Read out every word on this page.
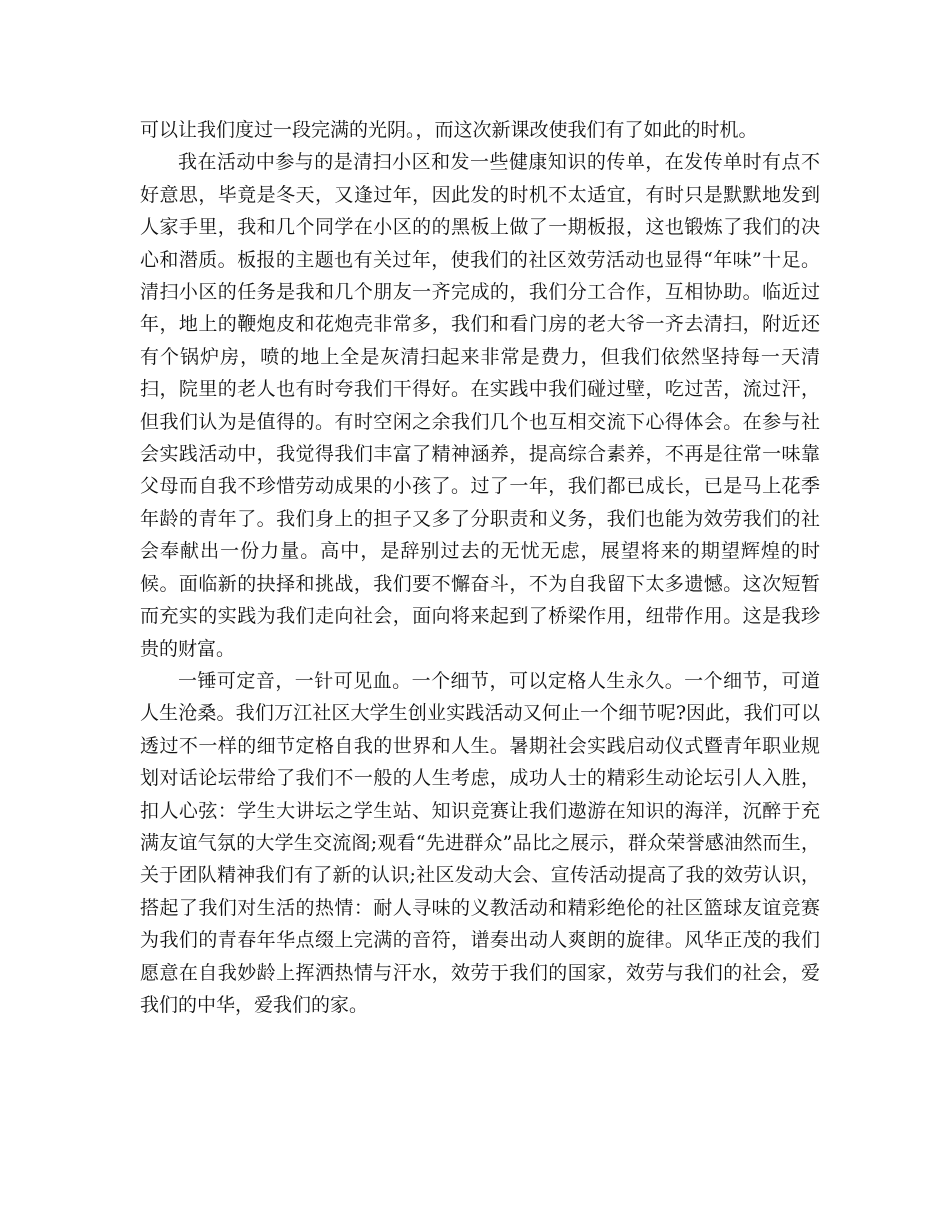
可以让我们度过一段完满的光阴。，而这次新课改使我们有了如此的时机。

我在活动中参与的是清扫小区和发一些健康知识的传单，在发传单时有点不好意思，毕竟是冬天，又逢过年，因此发的时机不太适宜，有时只是默默地发到人家手里，我和几个同学在小区的的黑板上做了一期板报，这也锻炼了我们的决心和潜质。板报的主题也有关过年，使我们的社区效劳活动也显得“年味”十足。清扫小区的任务是我和几个朋友一齐完成的，我们分工合作，互相协助。临近过年，地上的鞭炮皮和花炮壳非常多，我们和看门房的老大爷一齐去清扫，附近还有个锅炉房，喷的地上全是灰清扫起来非常是费力，但我们依然坚持每一天清扫，院里的老人也有时夸我们干得好。在实践中我们碰过壁，吃过苦，流过汗，但我们认为是值得的。有时空闲之余我们几个也互相交流下心得体会。在参与社会实践活动中，我觉得我们丰富了精神涵养，提高综合素养，不再是往常一味靠父母而自我不珍惜劳动成果的小孩了。过了一年，我们都已成长，已是马上花季年龄的青年了。我们身上的担子又多了分职责和义务，我们也能为效劳我们的社会奉献出一份力量。高中，是辞别过去的无忧无虑，展望将来的期望辉煌的时候。面临新的抉择和挑战，我们要不懈奋斗，不为自我留下太多遗憾。这次短暂而充实的实践为我们走向社会，面向将来起到了桥梁作用，纽带作用。这是我珍贵的财富。

一锤可定音，一针可见血。一个细节，可以定格人生永久。一个细节，可道人生沧桑。我们万江社区大学生创业实践活动又何止一个细节呢?因此，我们可以透过不一样的细节定格自我的世界和人生。暑期社会实践启动仪式暨青年职业规划对话论坛带给了我们不一般的人生考虑，成功人士的精彩生动论坛引人入胜，扣人心弦：学生大讲坛之学生站、知识竞赛让我们遨游在知识的海洋，沉醉于充满友谊气氛的大学生交流阁;观看“先进群众”品比之展示，群众荣誉感油然而生，关于团队精神我们有了新的认识;社区发动大会、宣传活动提高了我的效劳认识，搭起了我们对生活的热情：耐人寻味的义教活动和精彩绝伦的社区篮球友谊竞赛为我们的青春年华点缀上完满的音符，谱奏出动人爽朗的旋律。风华正茂的我们愿意在自我妙龄上挥洒热情与汗水，效劳于我们的国家，效劳与我们的社会，爱我们的中华，爱我们的家。
